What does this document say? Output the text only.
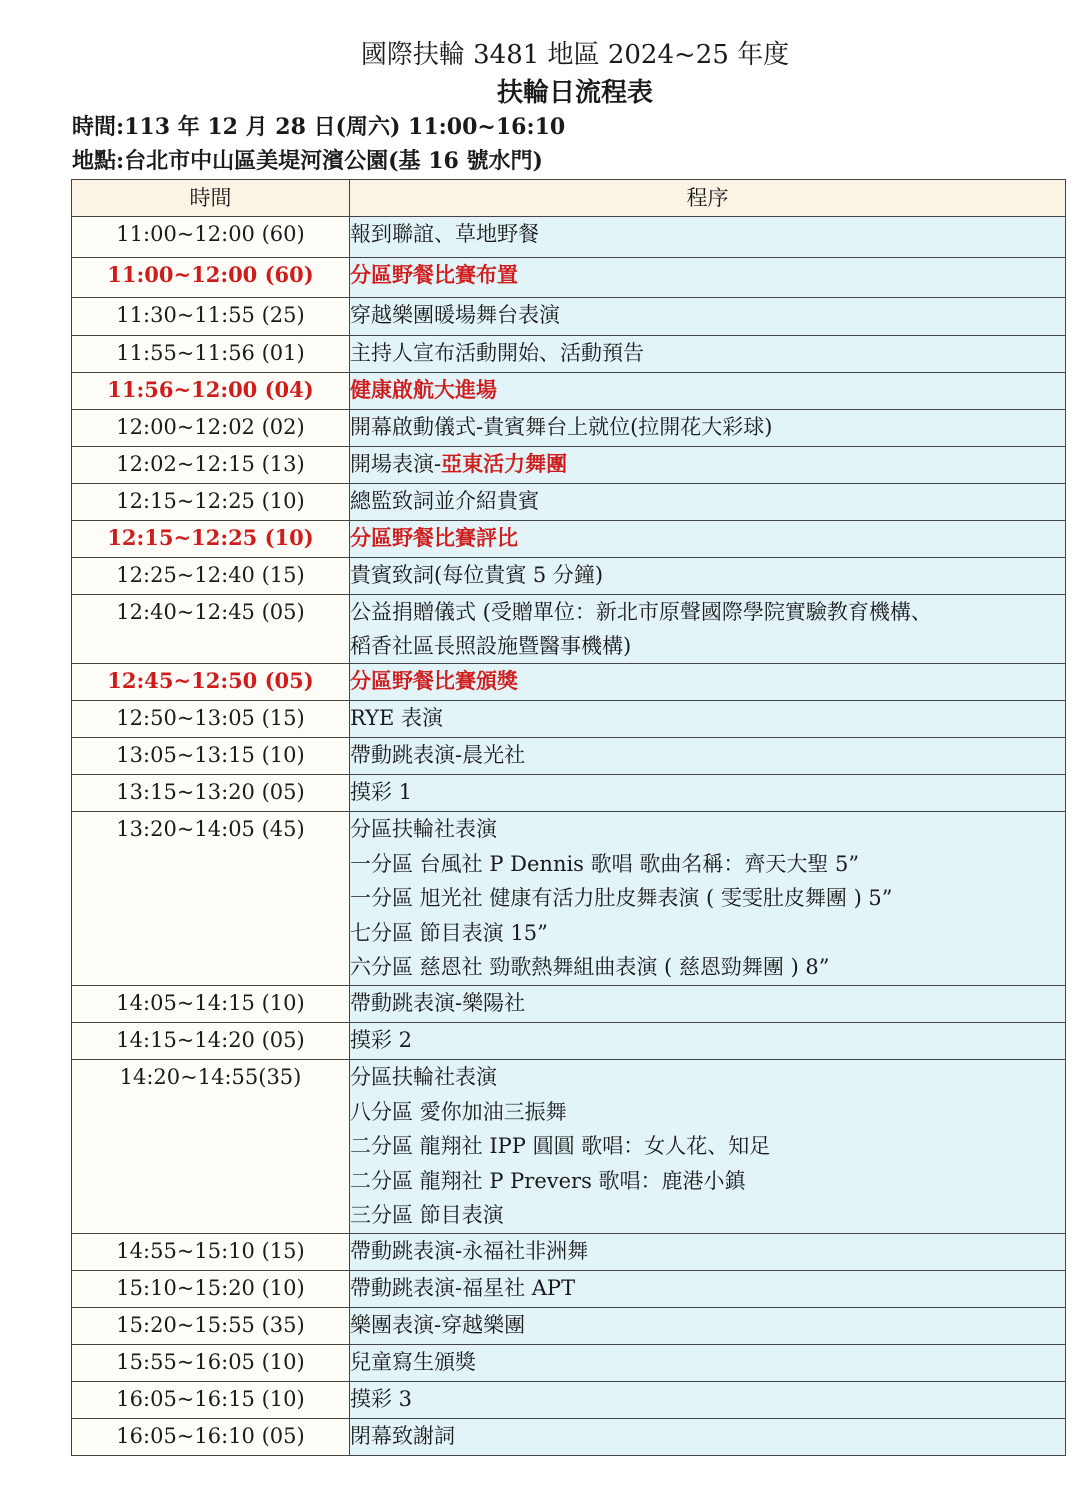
國際扶輪 3481 地區 2024~25 年度
扶輪日流程表
時間:113 年 12 月 28 日(周六) 11:00~16:10
地點:台北市中山區美堤河濱公園(基 16 號水門)
時間	程序
11:00~12:00 (60)	報到聯誼、草地野餐

11:00~12:00 (60)	分區野餐比賽布置

11:30~11:55 (25)	穿越樂團暖場舞台表演

11:55~11:56 (01)	主持人宣布活動開始、活動預告

11:56~12:00 (04)	健康啟航大進場

12:00~12:02 (02)	開幕啟動儀式-貴賓舞台上就位(拉開花大彩球)

12:02~12:15 (13)	開場表演-亞東活力舞團

12:15~12:25 (10)	總監致詞並介紹貴賓

12:15~12:25 (10)	分區野餐比賽評比

12:25~12:40 (15)	貴賓致詞(每位貴賓 5 分鐘)

12:40~12:45 (05)	公益捐贈儀式 (受贈單位：新北市原聲國際學院實驗教育機構、
稻香社區長照設施暨醫事機構)

12:45~12:50 (05)	分區野餐比賽頒獎

12:50~13:05 (15)	RYE 表演

13:05~13:15 (10)	帶動跳表演-晨光社

13:15~13:20 (05)	摸彩 1

13:20~14:05 (45)	分區扶輪社表演
一分區 台風社 P Dennis 歌唱 歌曲名稱：齊天大聖 5”
一分區 旭光社 健康有活力肚皮舞表演 ( 雯雯肚皮舞團 ) 5”
七分區 節目表演 15”
六分區 慈恩社 勁歌熱舞組曲表演 ( 慈恩勁舞團 ) 8”

14:05~14:15 (10)	帶動跳表演-樂陽社

14:15~14:20 (05)	摸彩 2

14:20~14:55(35)	分區扶輪社表演
八分區 愛你加油三振舞
二分區 龍翔社 IPP 圓圓 歌唱：女人花、知足
二分區 龍翔社 P Prevers 歌唱：鹿港小鎮
三分區 節目表演

14:55~15:10 (15)	帶動跳表演-永福社非洲舞

15:10~15:20 (10)	帶動跳表演-福星社 APT

15:20~15:55 (35)	樂團表演-穿越樂團

15:55~16:05 (10)	兒童寫生頒獎

16:05~16:15 (10)	摸彩 3

16:05~16:10 (05)	閉幕致謝詞
